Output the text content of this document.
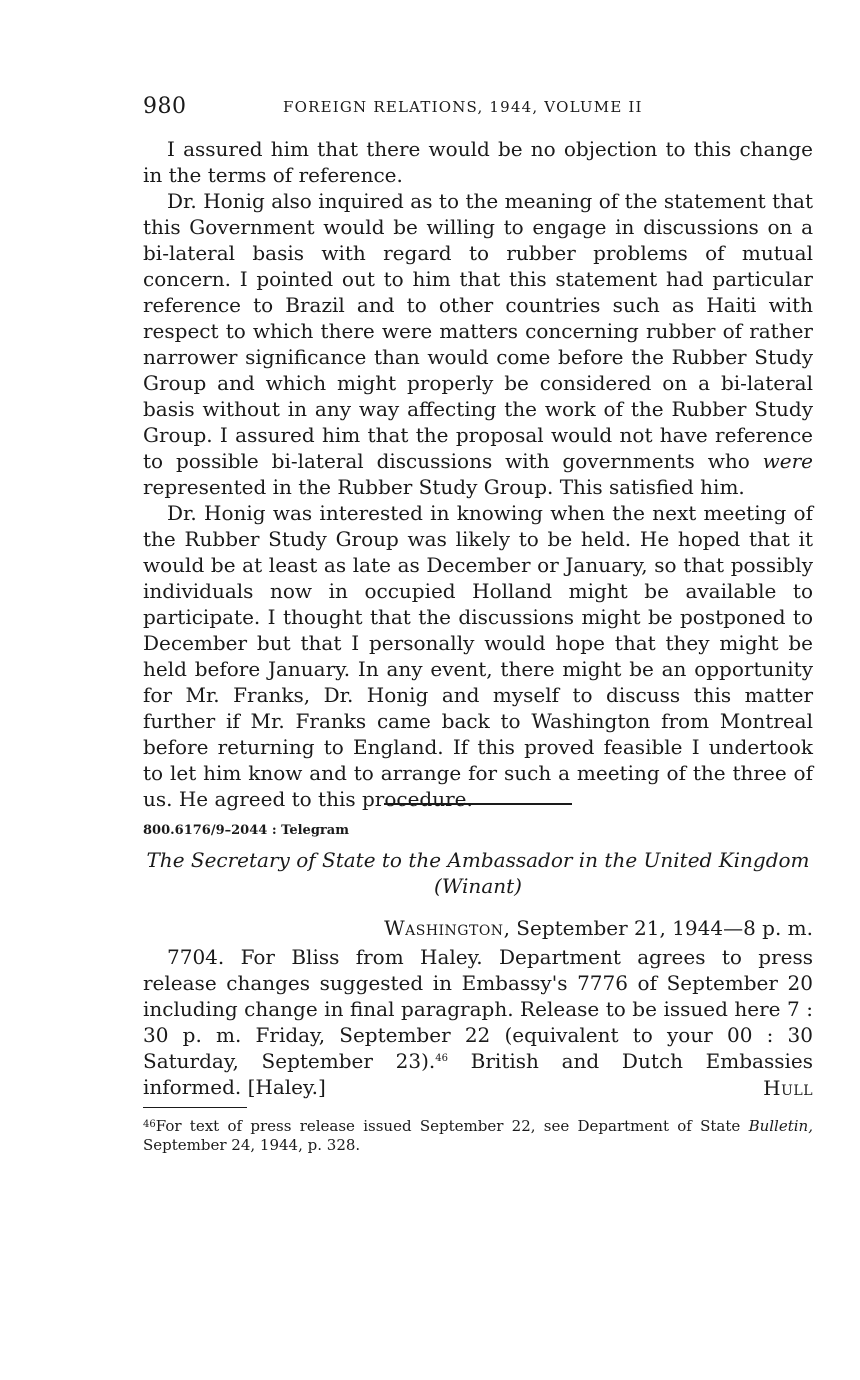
980	FOREIGN RELATIONS, 1944, VOLUME II

I assured him that there would be no objection to this change in the terms of reference.

Dr. Honig also inquired as to the meaning of the statement that this Government would be willing to engage in discussions on a bi-lateral basis with regard to rubber problems of mutual concern. I pointed out to him that this statement had particular reference to Brazil and to other countries such as Haiti with respect to which there were matters concerning rubber of rather narrower significance than would come before the Rubber Study Group and which might properly be considered on a bi-lateral basis without in any way affecting the work of the Rubber Study Group. I assured him that the proposal would not have reference to possible bi-lateral discussions with governments who were represented in the Rubber Study Group. This satisfied him.

Dr. Honig was interested in knowing when the next meeting of the Rubber Study Group was likely to be held. He hoped that it would be at least as late as December or January, so that possibly individuals now in occupied Holland might be available to participate. I thought that the discussions might be postponed to December but that I personally would hope that they might be held before January. In any event, there might be an opportunity for Mr. Franks, Dr. Honig and myself to discuss this matter further if Mr. Franks came back to Washington from Montreal before returning to England. If this proved feasible I undertook to let him know and to arrange for such a meeting of the three of us. He agreed to this procedure.

800.6176/9–2044 : Telegram
The Secretary of State to the Ambassador in the United Kingdom
(Winant)
Washington, September 21, 1944—8 p. m.

7704. For Bliss from Haley. Department agrees to press release changes suggested in Embassy's 7776 of September 20 including change in final paragraph. Release to be issued here 7 : 30 p. m. Friday, September 22 (equivalent to your 00 : 30 Saturday, September 23).$^{46}$ British and Dutch Embassies informed. [Haley.]	Hull

$^{46}$For text of press release issued September 22, see Department of State Bulletin, September 24, 1944, p. 328.
